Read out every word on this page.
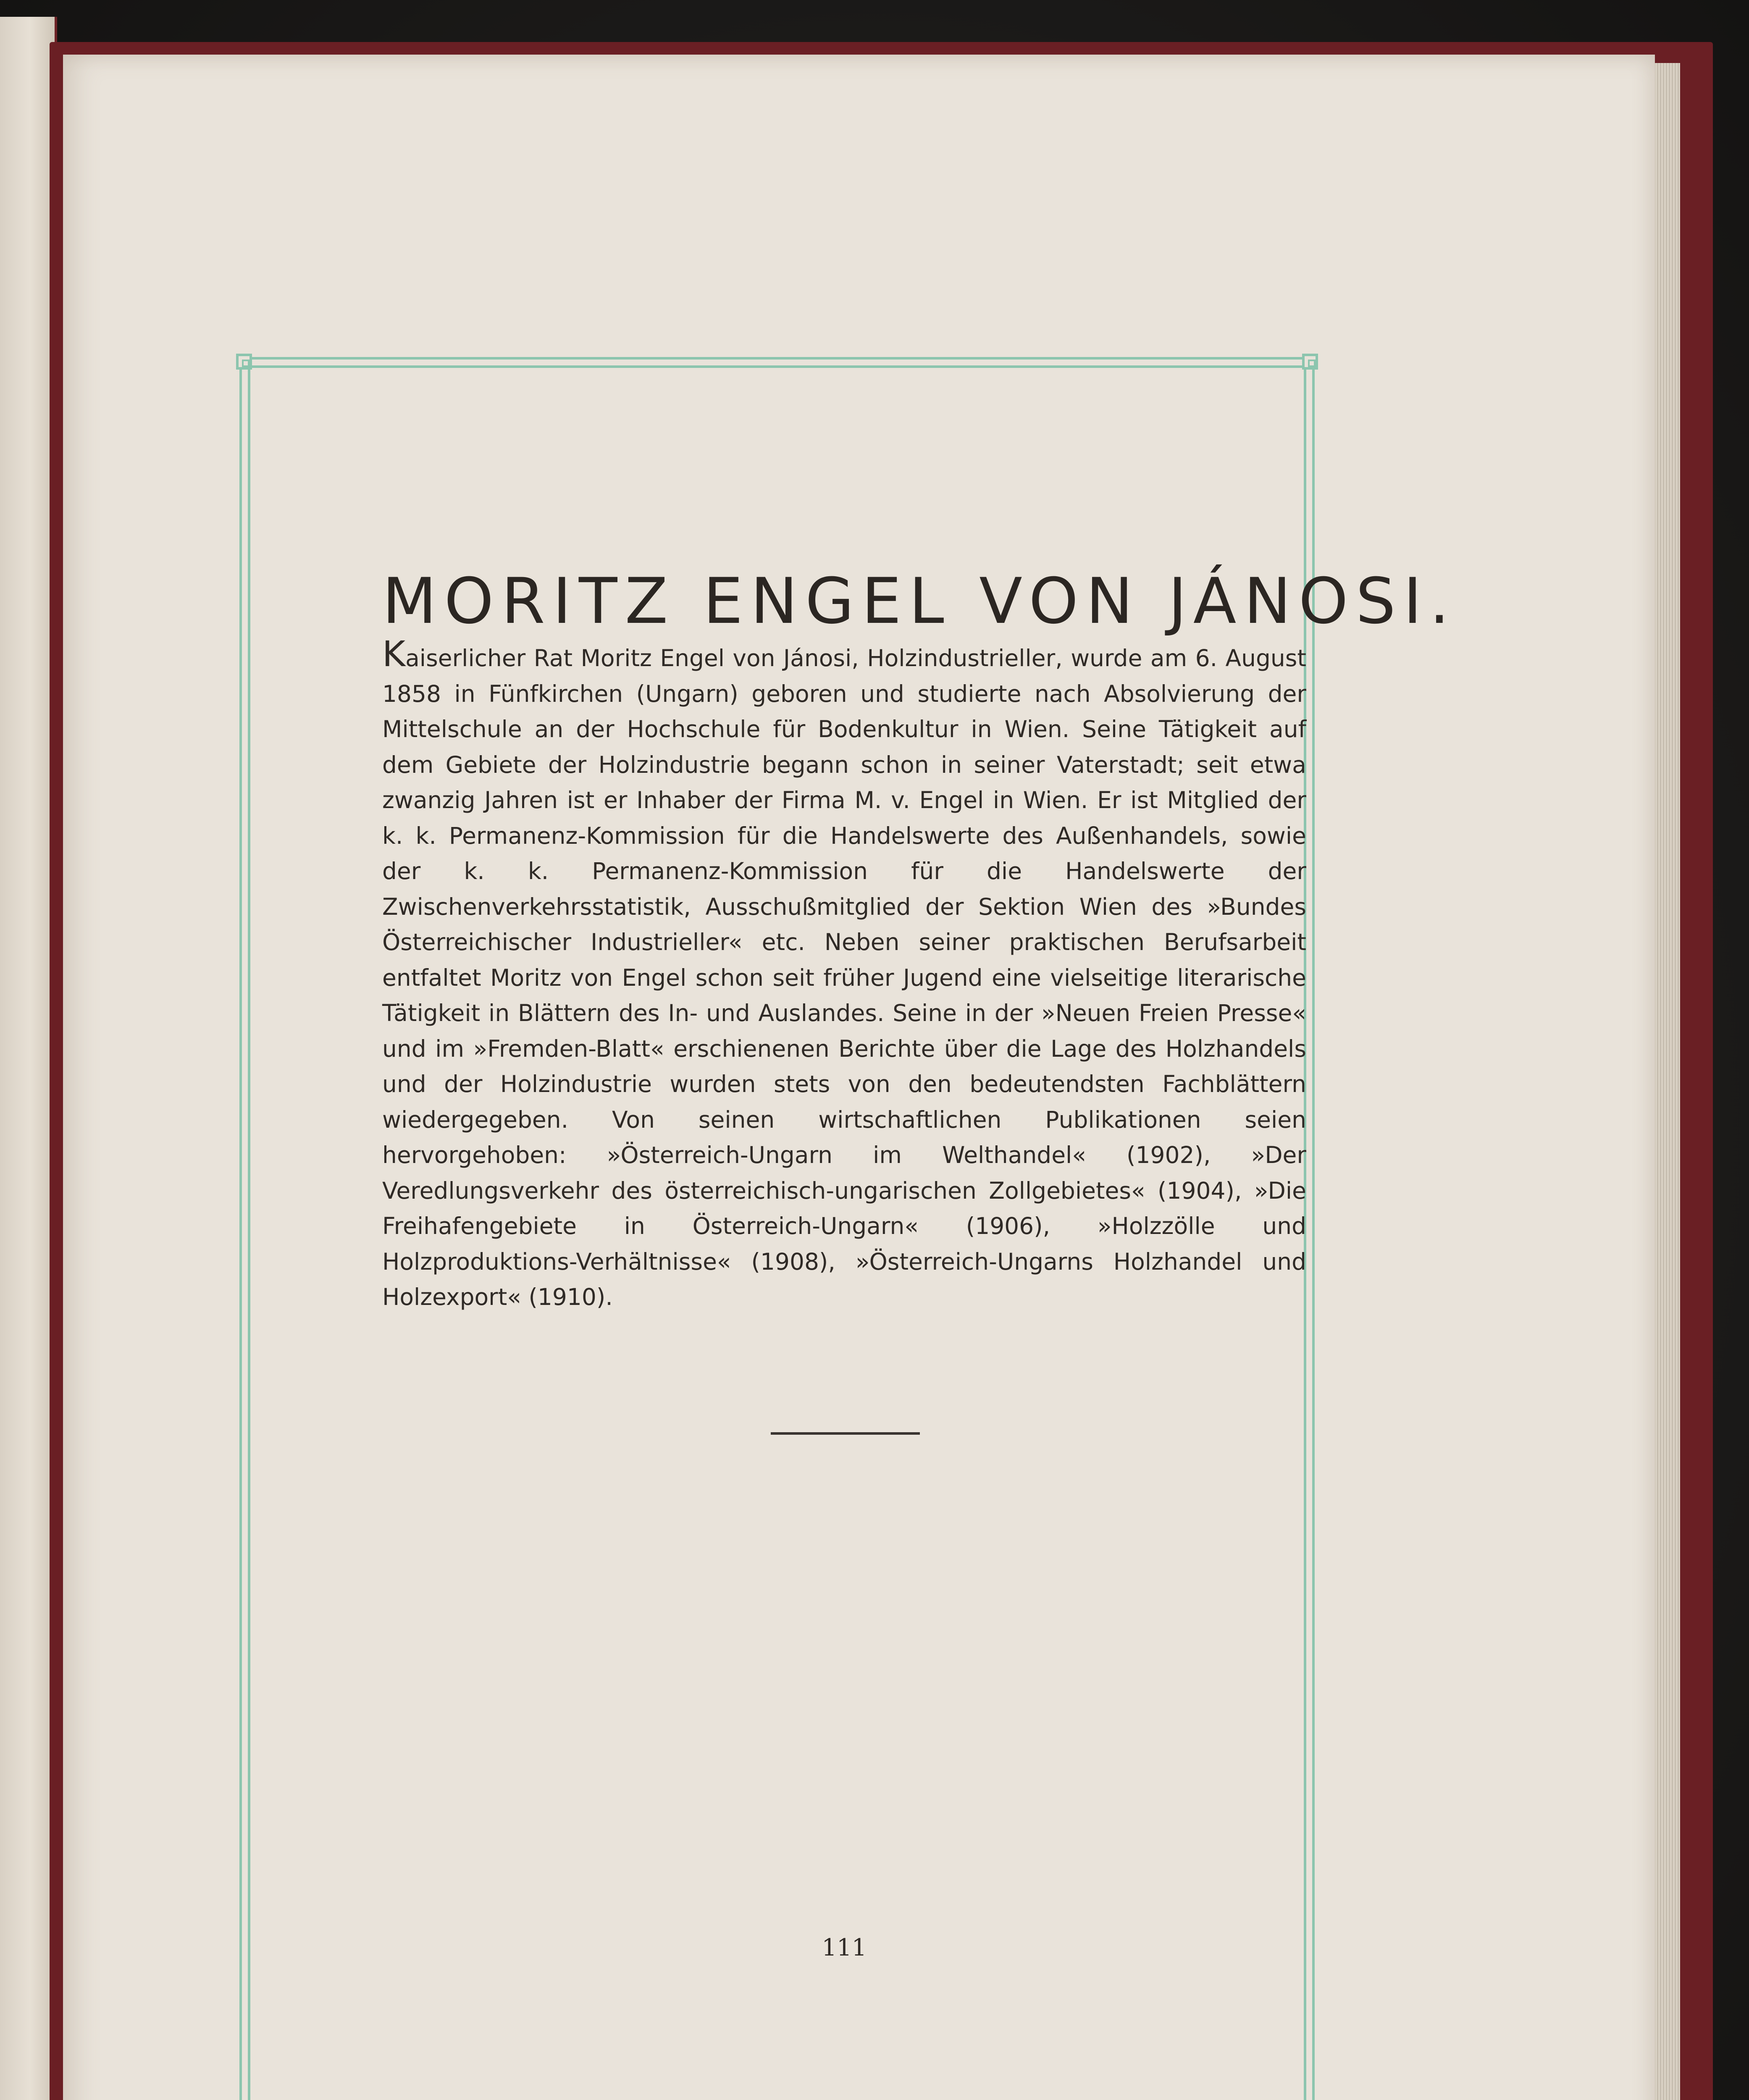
MORITZ ENGEL VON JÁNOSI.

Kaiserlicher Rat Moritz Engel von Jánosi, Holzindustrieller, wurde am 6. August 1858 in Fünfkirchen (Ungarn) geboren und studierte nach Absolvierung der Mittelschule an der Hochschule für Bodenkultur in Wien. Seine Tätigkeit auf dem Gebiete der Holzindustrie begann schon in seiner Vaterstadt; seit etwa zwanzig Jahren ist er Inhaber der Firma M. v. Engel in Wien. Er ist Mitglied der k. k. Permanenz-Kommission für die Handelswerte des Außenhandels, sowie der k. k. Permanenz-Kommission für die Handelswerte der Zwischenverkehrsstatistik, Ausschußmitglied der Sektion Wien des »Bundes Österreichischer Industrieller« etc. Neben seiner praktischen Berufsarbeit entfaltet Moritz von Engel schon seit früher Jugend eine vielseitige literarische Tätigkeit in Blättern des In- und Auslandes. Seine in der »Neuen Freien Presse« und im »Fremden-Blatt« erschienenen Berichte über die Lage des Holzhandels und der Holzindustrie wurden stets von den bedeutendsten Fachblättern wiedergegeben. Von seinen wirtschaftlichen Publikationen seien hervorgehoben: »Österreich-Ungarn im Welthandel« (1902), »Der Veredlungsverkehr des österreichisch-ungarischen Zollgebietes« (1904), »Die Freihafengebiete in Österreich-Ungarn« (1906), »Holzzölle und Holzproduktions-Verhältnisse« (1908), »Österreich-Ungarns Holzhandel und Holzexport« (1910).

111
